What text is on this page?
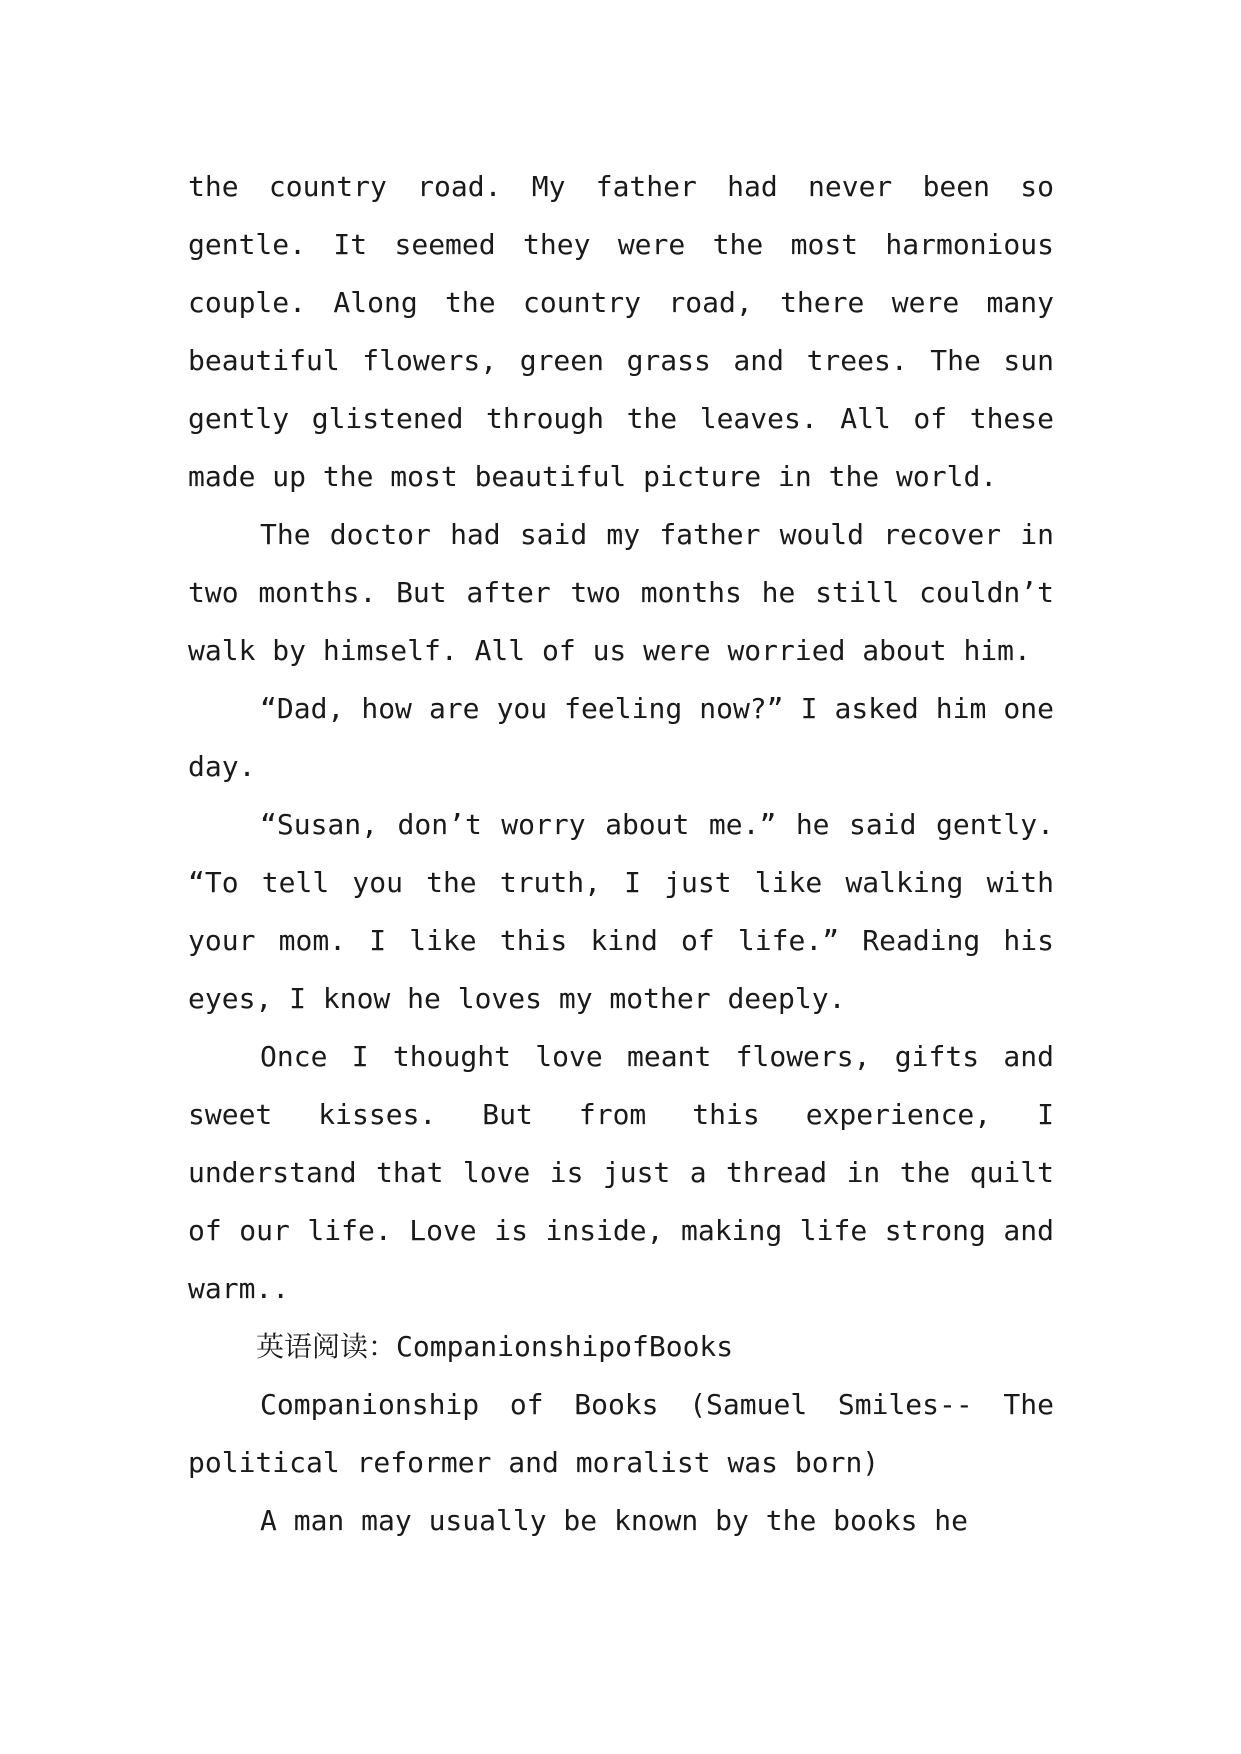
the country road. My father had never been so gentle. It seemed they were the most harmonious couple. Along the country road, there were many beautiful flowers, green grass and trees. The sun gently glistened through the leaves. All of these made up the most beautiful picture in the world.

The doctor had said my father would recover in two months. But after two months he still couldn’t walk by himself. All of us were worried about him.

“Dad, how are you feeling now?” I asked him one day.

“Susan, don’t worry about me.” he said gently. “To tell you the truth, I just like walking with your mom. I like this kind of life.” Reading his eyes, I know he loves my mother deeply.

Once I thought love meant flowers, gifts and sweet kisses. But from this experience, I understand that love is just a thread in the quilt of our life. Love is inside, making life strong and warm..

英语阅读：CompanionshipofBooks

Companionship of Books (Samuel Smiles-- The political reformer and moralist was born)

A man may usually be known by the books he
